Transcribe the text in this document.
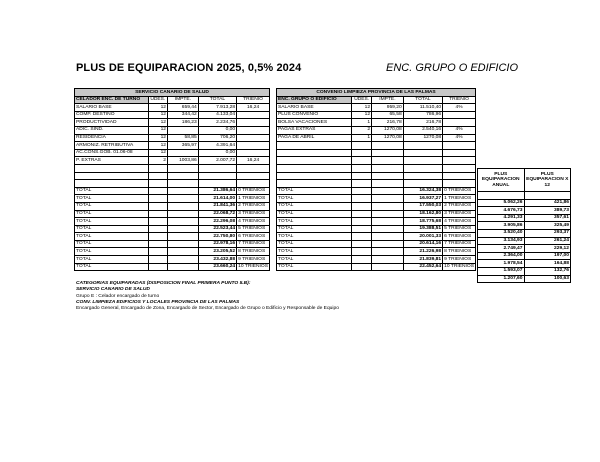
PLUS DE EQUIPARACION 2025, 0,5% 2024	ENC. GRUPO O EDIFICIO
SERVICIO CANARIO DE SALUD				
CELADOR ENC. DE TURNO	UDES.	IMPTE.	TOTAL	TRIENIO
SALARIO BASE	12	659,44	7.913,28	16,24
COMP. DESTINO	12	344,42	4.133,04	
PRODUCTIVIDAD	12	186,23	2.234,76	
ADIC. SIND.	12		0,00	
RESIDENCIA	12	58,85	706,20	
ARMONIZ. RETRIBUTIVA	12	365,97	4.391,64	
AC.CONS.GOB. 01.06-08	12		0,00	
P. EXTRAS	2	1003,86	2.007,72	16,24

TOTAL			21.386,64	0 TRIENIOS
TOTAL			21.614,00	1 TRIENIOS
TOTAL			21.841,36	2 TRIENIOS
TOTAL			22.068,72	3 TRIENIOS
TOTAL			22.296,08	4 TRIENIOS
TOTAL			22.523,44	5 TRIENIOS
TOTAL			22.750,80	6 TRIENIOS
TOTAL			22.978,16	7 TRIENIOS
TOTAL			23.205,52	8 TRIENIOS
TOTAL			23.432,88	9 TRIENIOS
TOTAL			23.660,24	10 TRIENIOS
CONVENIO LIMPIEZA PROVINCIA DE LAS PALMAS				
ENC. GRUPO O EDIFICIO	UDES.	IMPTE.	TOTAL	TRIENIO
SALARIO BASE	12	959,20	11.510,40	4%
PLUS CONVENIO	12	65,58	786,96	
BOLSA VACACIONES	1	216,78	216,78	
PAGAS EXTRAS	2	1270,08	2.540,16	4%
PAGA DE ABRIL	1	1270,08	1270,08	4%

TOTAL			16.324,38	0 TRIENIOS
TOTAL			16.937,27	1 TRIENIOS
TOTAL			17.550,03	2 TRIENIOS
TOTAL			18.162,80	3 TRIENIOS
TOTAL			18.775,68	4 TRIENIOS
TOTAL			19.388,51	5 TRIENIOS
TOTAL			20.001,33	6 TRIENIOS
TOTAL			20.614,16	7 TRIENIOS
TOTAL			21.226,98	8 TRIENIOS
TOTAL			21.839,81	9 TRIENIOS
TOTAL			22.452,64	10 TRIENIOS
PLUS EQUIPARACION ANUAL	PLUS EQUIPARACION X 12

5.062,26	421,86
4.676,73	389,73
4.291,33	357,61
3.905,86	325,49
3.520,40	293,37
3.134,93	261,24
2.749,47	229,12
2.364,00	197,00
1.978,54	164,88
1.593,07	132,76
1.207,60	100,63
CATEGORIAS EQUIPARADAS (DISPOSICION FINAL PRIMERA PUNTO 5.B):
SERVICIO CANARIO DE SALUD
Grupo E : Celador encargado de turno
CONV. LIMPIEZA EDIFICIOS Y LOCALES PROVINCIA DE LAS PALMAS
Encargado General, Encargado de Zona, Encargado de Sector, Encargado de Grupo o Edificio y Responsable de Equipo
